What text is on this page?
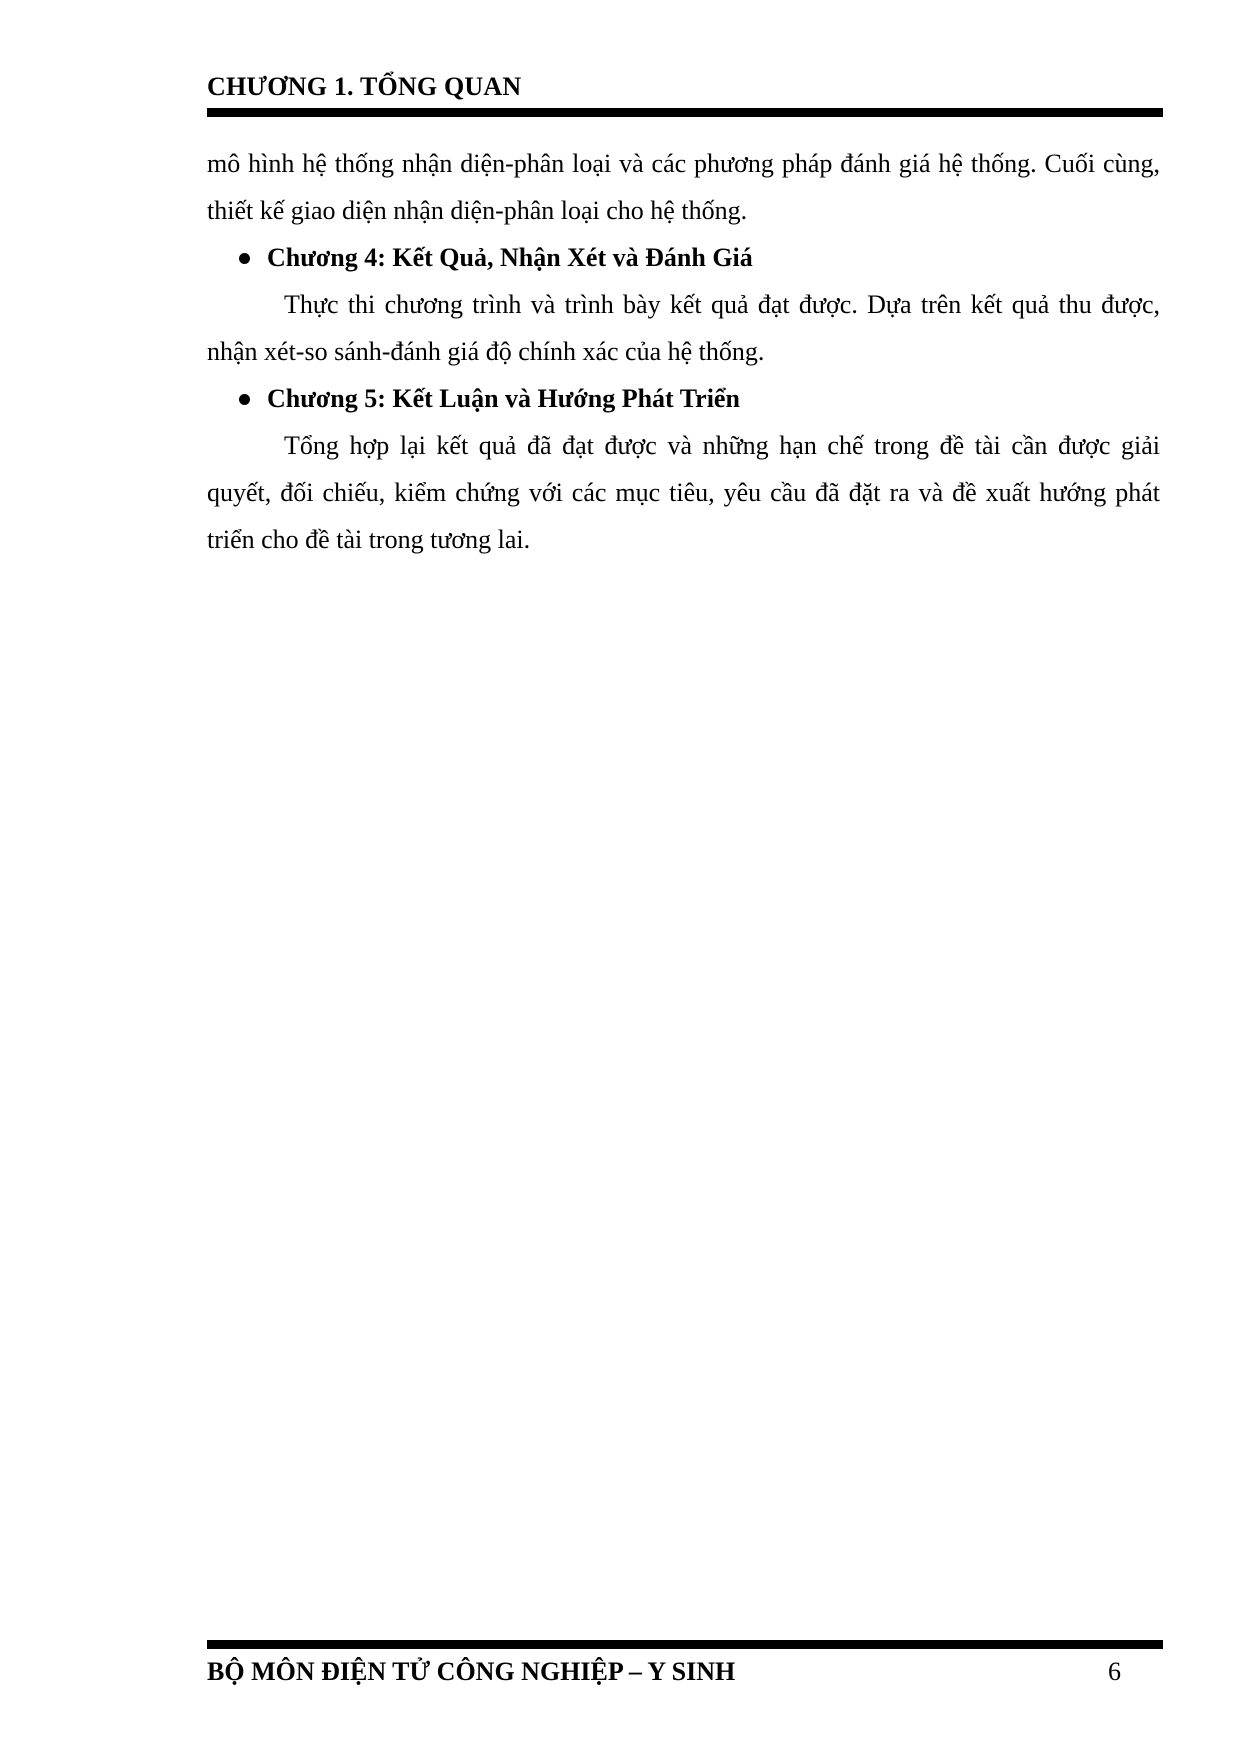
CHƯƠNG 1. TỔNG QUAN

mô hình hệ thống nhận diện-phân loại và các phương pháp đánh giá hệ thống. Cuối cùng, thiết kế giao diện nhận diện-phân loại cho hệ thống.

Chương 4: Kết Quả, Nhận Xét và Đánh Giá

Thực thi chương trình và trình bày kết quả đạt được. Dựa trên kết quả thu được, nhận xét-so sánh-đánh giá độ chính xác của hệ thống.

Chương 5: Kết Luận và Hướng Phát Triển

Tổng hợp lại kết quả đã đạt được và những hạn chế trong đề tài cần được giải quyết, đối chiếu, kiểm chứng với các mục tiêu, yêu cầu đã đặt ra và đề xuất hướng phát triển cho đề tài trong tương lai.

BỘ MÔN ĐIỆN TỬ CÔNG NGHIỆP – Y SINH	6
